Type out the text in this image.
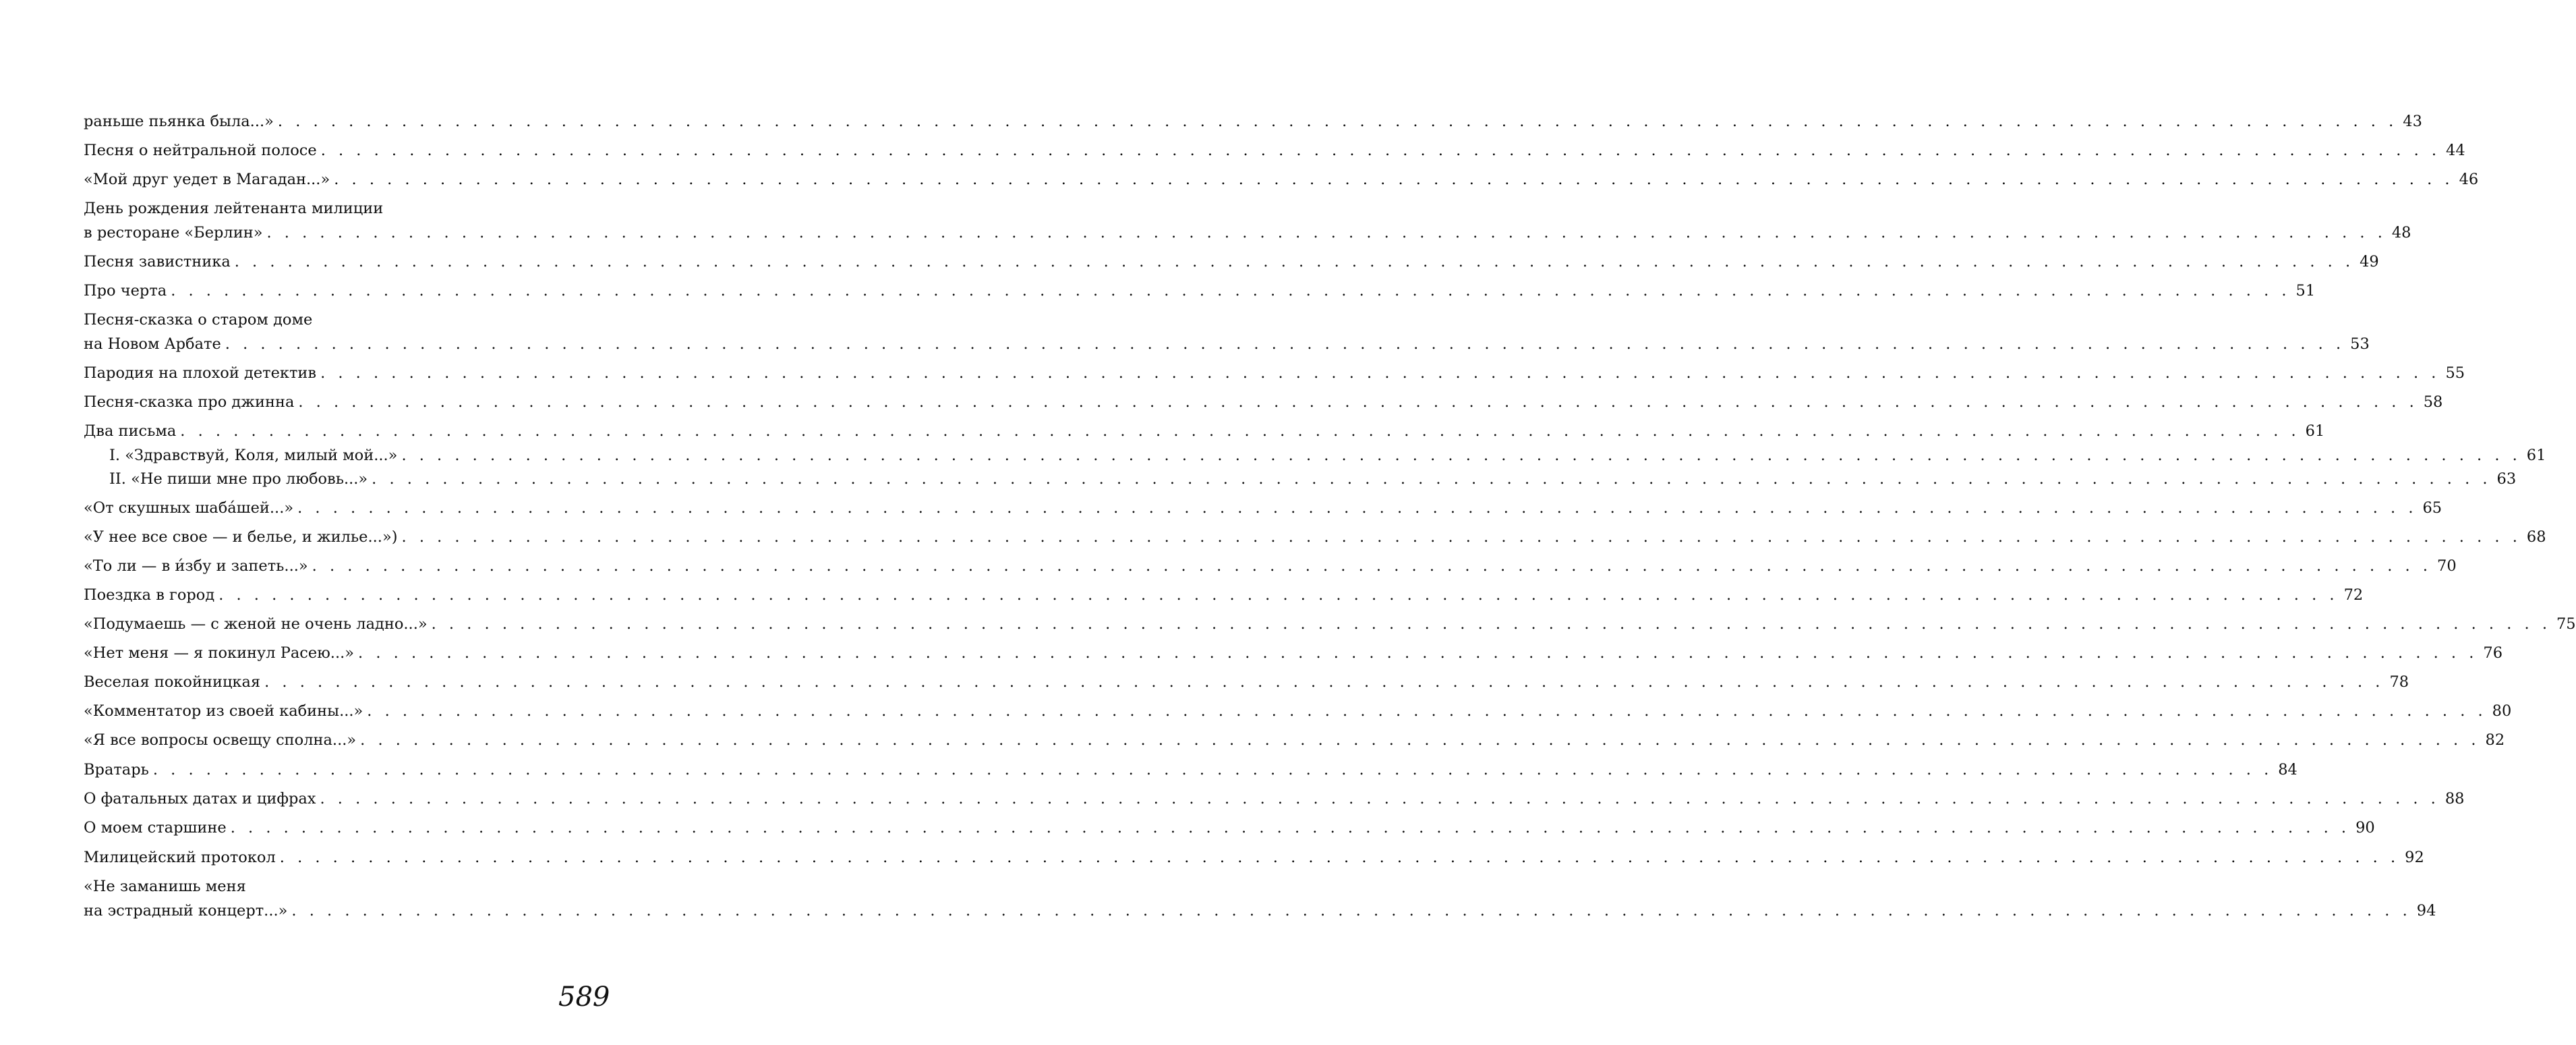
раньше пьянка была...» . . . . . . . . . . . . . . . . . . . . . . . . . . . . . . . . . . . . . . . . . . . . . . . . . . . . . . . . . . . . . . . . . . . . . . . . . . . . . . . . . . . . . . . . . . . . . . . . . . . . . . . . . . . . . . . . . . . . . . . . 43
Песня о нейтральной полосе . . . . . . . . . . . . . . . . . . . . . . . . . . . . . . . . . . . . . . . . . . . . . . . . . . . . . . . . . . . . . . . . . . . . . . . . . . . . . . . . . . . . . . . . . . . . . . . . . . . . . . . . . . . . . . . . . . . . . . . . 44
«Мой друг уедет в Магадан...» . . . . . . . . . . . . . . . . . . . . . . . . . . . . . . . . . . . . . . . . . . . . . . . . . . . . . . . . . . . . . . . . . . . . . . . . . . . . . . . . . . . . . . . . . . . . . . . . . . . . . . . . . . . . . . . . . . . . . . . . 46
День рождения лейтенанта милиции
в ресторане «Берлин» . . . . . . . . . . . . . . . . . . . . . . . . . . . . . . . . . . . . . . . . . . . . . . . . . . . . . . . . . . . . . . . . . . . . . . . . . . . . . . . . . . . . . . . . . . . . . . . . . . . . . . . . . . . . . . . . . . . . . . . . 48
Песня завистника . . . . . . . . . . . . . . . . . . . . . . . . . . . . . . . . . . . . . . . . . . . . . . . . . . . . . . . . . . . . . . . . . . . . . . . . . . . . . . . . . . . . . . . . . . . . . . . . . . . . . . . . . . . . . . . . . . . . . . . . 49
Про черта . . . . . . . . . . . . . . . . . . . . . . . . . . . . . . . . . . . . . . . . . . . . . . . . . . . . . . . . . . . . . . . . . . . . . . . . . . . . . . . . . . . . . . . . . . . . . . . . . . . . . . . . . . . . . . . . . . . . . . . . 51
Песня-сказка о старом доме
на Новом Арбате . . . . . . . . . . . . . . . . . . . . . . . . . . . . . . . . . . . . . . . . . . . . . . . . . . . . . . . . . . . . . . . . . . . . . . . . . . . . . . . . . . . . . . . . . . . . . . . . . . . . . . . . . . . . . . . . . . . . . . . . 53
Пародия на плохой детектив . . . . . . . . . . . . . . . . . . . . . . . . . . . . . . . . . . . . . . . . . . . . . . . . . . . . . . . . . . . . . . . . . . . . . . . . . . . . . . . . . . . . . . . . . . . . . . . . . . . . . . . . . . . . . . . . . . . . . . . . 55
Песня-сказка про джинна . . . . . . . . . . . . . . . . . . . . . . . . . . . . . . . . . . . . . . . . . . . . . . . . . . . . . . . . . . . . . . . . . . . . . . . . . . . . . . . . . . . . . . . . . . . . . . . . . . . . . . . . . . . . . . . . . . . . . . . . 58
Два письма . . . . . . . . . . . . . . . . . . . . . . . . . . . . . . . . . . . . . . . . . . . . . . . . . . . . . . . . . . . . . . . . . . . . . . . . . . . . . . . . . . . . . . . . . . . . . . . . . . . . . . . . . . . . . . . . . . . . . . . . 61
I. «Здравствуй, Коля, милый мой...» . . . . . . . . . . . . . . . . . . . . . . . . . . . . . . . . . . . . . . . . . . . . . . . . . . . . . . . . . . . . . . . . . . . . . . . . . . . . . . . . . . . . . . . . . . . . . . . . . . . . . . . . . . . . . . . . . . . . . . . . 61
II. «Не пиши мне про любовь...» . . . . . . . . . . . . . . . . . . . . . . . . . . . . . . . . . . . . . . . . . . . . . . . . . . . . . . . . . . . . . . . . . . . . . . . . . . . . . . . . . . . . . . . . . . . . . . . . . . . . . . . . . . . . . . . . . . . . . . . . 63
«От скушных шаба́шей...» . . . . . . . . . . . . . . . . . . . . . . . . . . . . . . . . . . . . . . . . . . . . . . . . . . . . . . . . . . . . . . . . . . . . . . . . . . . . . . . . . . . . . . . . . . . . . . . . . . . . . . . . . . . . . . . . . . . . . . . . 65
«У нее все свое — и белье, и жилье...») . . . . . . . . . . . . . . . . . . . . . . . . . . . . . . . . . . . . . . . . . . . . . . . . . . . . . . . . . . . . . . . . . . . . . . . . . . . . . . . . . . . . . . . . . . . . . . . . . . . . . . . . . . . . . . . . . . . . . . . . 68
«То ли — в и́збу и запеть...» . . . . . . . . . . . . . . . . . . . . . . . . . . . . . . . . . . . . . . . . . . . . . . . . . . . . . . . . . . . . . . . . . . . . . . . . . . . . . . . . . . . . . . . . . . . . . . . . . . . . . . . . . . . . . . . . . . . . . . . . 70
Поездка в город . . . . . . . . . . . . . . . . . . . . . . . . . . . . . . . . . . . . . . . . . . . . . . . . . . . . . . . . . . . . . . . . . . . . . . . . . . . . . . . . . . . . . . . . . . . . . . . . . . . . . . . . . . . . . . . . . . . . . . . . 72
«Подумаешь — с женой не очень ладно...» . . . . . . . . . . . . . . . . . . . . . . . . . . . . . . . . . . . . . . . . . . . . . . . . . . . . . . . . . . . . . . . . . . . . . . . . . . . . . . . . . . . . . . . . . . . . . . . . . . . . . . . . . . . . . . . . . . . . . . . . 75
«Нет меня — я покинул Расею...» . . . . . . . . . . . . . . . . . . . . . . . . . . . . . . . . . . . . . . . . . . . . . . . . . . . . . . . . . . . . . . . . . . . . . . . . . . . . . . . . . . . . . . . . . . . . . . . . . . . . . . . . . . . . . . . . . . . . . . . . 76
Веселая покойницкая . . . . . . . . . . . . . . . . . . . . . . . . . . . . . . . . . . . . . . . . . . . . . . . . . . . . . . . . . . . . . . . . . . . . . . . . . . . . . . . . . . . . . . . . . . . . . . . . . . . . . . . . . . . . . . . . . . . . . . . . 78
«Комментатор из своей кабины...» . . . . . . . . . . . . . . . . . . . . . . . . . . . . . . . . . . . . . . . . . . . . . . . . . . . . . . . . . . . . . . . . . . . . . . . . . . . . . . . . . . . . . . . . . . . . . . . . . . . . . . . . . . . . . . . . . . . . . . . . 80
«Я все вопросы освещу сполна...» . . . . . . . . . . . . . . . . . . . . . . . . . . . . . . . . . . . . . . . . . . . . . . . . . . . . . . . . . . . . . . . . . . . . . . . . . . . . . . . . . . . . . . . . . . . . . . . . . . . . . . . . . . . . . . . . . . . . . . . . 82
Вратарь . . . . . . . . . . . . . . . . . . . . . . . . . . . . . . . . . . . . . . . . . . . . . . . . . . . . . . . . . . . . . . . . . . . . . . . . . . . . . . . . . . . . . . . . . . . . . . . . . . . . . . . . . . . . . . . . . . . . . . . . 84
О фатальных датах и цифрах . . . . . . . . . . . . . . . . . . . . . . . . . . . . . . . . . . . . . . . . . . . . . . . . . . . . . . . . . . . . . . . . . . . . . . . . . . . . . . . . . . . . . . . . . . . . . . . . . . . . . . . . . . . . . . . . . . . . . . . . 88
О моем старшине . . . . . . . . . . . . . . . . . . . . . . . . . . . . . . . . . . . . . . . . . . . . . . . . . . . . . . . . . . . . . . . . . . . . . . . . . . . . . . . . . . . . . . . . . . . . . . . . . . . . . . . . . . . . . . . . . . . . . . . . 90
Милицейский протокол . . . . . . . . . . . . . . . . . . . . . . . . . . . . . . . . . . . . . . . . . . . . . . . . . . . . . . . . . . . . . . . . . . . . . . . . . . . . . . . . . . . . . . . . . . . . . . . . . . . . . . . . . . . . . . . . . . . . . . . . 92
«Не заманишь меня
на эстрадный концерт...» . . . . . . . . . . . . . . . . . . . . . . . . . . . . . . . . . . . . . . . . . . . . . . . . . . . . . . . . . . . . . . . . . . . . . . . . . . . . . . . . . . . . . . . . . . . . . . . . . . . . . . . . . . . . . . . . . . . . . . . . 94
589
